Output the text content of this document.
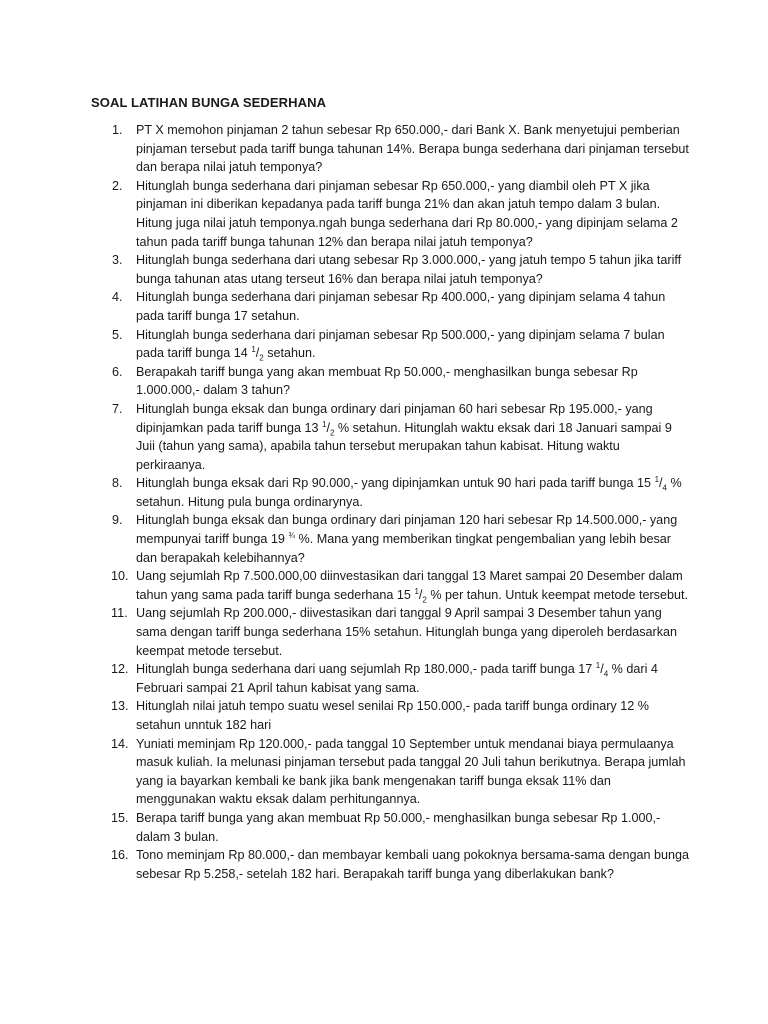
SOAL LATIHAN BUNGA SEDERHANA
1. PT X memohon pinjaman 2 tahun sebesar Rp 650.000,- dari Bank X. Bank menyetujui pemberian pinjaman tersebut pada tariff bunga tahunan 14%. Berapa bunga sederhana dari pinjaman tersebut dan berapa nilai jatuh temponya?
2. Hitunglah bunga sederhana dari pinjaman sebesar Rp 650.000,- yang diambil oleh PT X jika pinjaman ini diberikan kepadanya pada tariff bunga 21% dan akan jatuh tempo dalam 3 bulan. Hitung juga nilai jatuh temponya.ngah bunga sederhana dari Rp 80.000,- yang dipinjam selama 2 tahun pada tariff bunga tahunan 12% dan berapa nilai jatuh temponya?
3. Hitunglah bunga sederhana dari utang sebesar Rp 3.000.000,- yang jatuh tempo 5 tahun jika tariff bunga tahunan atas utang terseut 16% dan berapa nilai jatuh temponya?
4. Hitunglah bunga sederhana dari pinjaman sebesar Rp 400.000,- yang dipinjam selama 4 tahun pada tariff bunga 17 setahun.
5. Hitunglah bunga sederhana dari pinjaman sebesar Rp 500.000,- yang dipinjam selama 7 bulan pada tariff bunga 14 $^1/_2$ setahun.
6. Berapakah tariff bunga yang akan membuat Rp 50.000,- menghasilkan bunga sebesar Rp 1.000.000,- dalam 3 tahun?
7. Hitunglah bunga eksak dan bunga ordinary dari pinjaman 60 hari sebesar Rp 195.000,- yang dipinjamkan pada tariff bunga 13 $^1/_2$ % setahun. Hitunglah waktu eksak dari 18 Januari sampai 9 Juii (tahun yang sama), apabila tahun tersebut merupakan tahun kabisat. Hitung waktu perkiraanya.
8. Hitunglah bunga eksak dari Rp 90.000,- yang dipinjamkan untuk 90 hari pada tariff bunga 15 $^1/_4$ % setahun. Hitung pula bunga ordinarynya.
9. Hitunglah bunga eksak dan bunga ordinary dari pinjaman 120 hari sebesar Rp 14.500.000,- yang mempunyai tariff bunga 19 $^{\frac{3}{4}}$ %. Mana yang memberikan tingkat pengembalian yang lebih besar dan berapakah kelebihannya?
10. Uang sejumlah Rp 7.500.000,00 diinvestasikan dari tanggal 13 Maret sampai 20 Desember dalam tahun yang sama pada tariff bunga sederhana 15 $^1/_2$ % per tahun. Untuk keempat metode tersebut.
11. Uang sejumlah Rp 200.000,- diivestasikan dari tanggal 9 April sampai 3 Desember tahun yang sama dengan tariff bunga sederhana 15% setahun. Hitunglah bunga yang diperoleh berdasarkan keempat metode tersebut.
12. Hitunglah bunga sederhana dari uang sejumlah Rp 180.000,- pada tariff bunga 17 $^1/_4$ % dari 4 Februari sampai 21 April tahun kabisat yang sama.
13. Hitunglah nilai jatuh tempo suatu wesel senilai Rp 150.000,- pada tariff bunga ordinary 12 % setahun unntuk 182 hari
14. Yuniati meminjam Rp 120.000,- pada tanggal 10 September untuk mendanai biaya permulaanya masuk kuliah. Ia melunasi pinjaman tersebut pada tanggal 20 Juli tahun berikutnya. Berapa jumlah yang ia bayarkan kembali ke bank jika bank mengenakan tariff bunga eksak 11% dan menggunakan waktu eksak dalam perhitungannya.
15. Berapa tariff bunga yang akan membuat Rp 50.000,- menghasilkan bunga sebesar Rp 1.000,- dalam 3 bulan.
16. Tono meminjam Rp 80.000,- dan membayar kembali uang pokoknya bersama-sama dengan bunga sebesar Rp 5.258,- setelah 182 hari. Berapakah tariff bunga yang diberlakukan bank?
